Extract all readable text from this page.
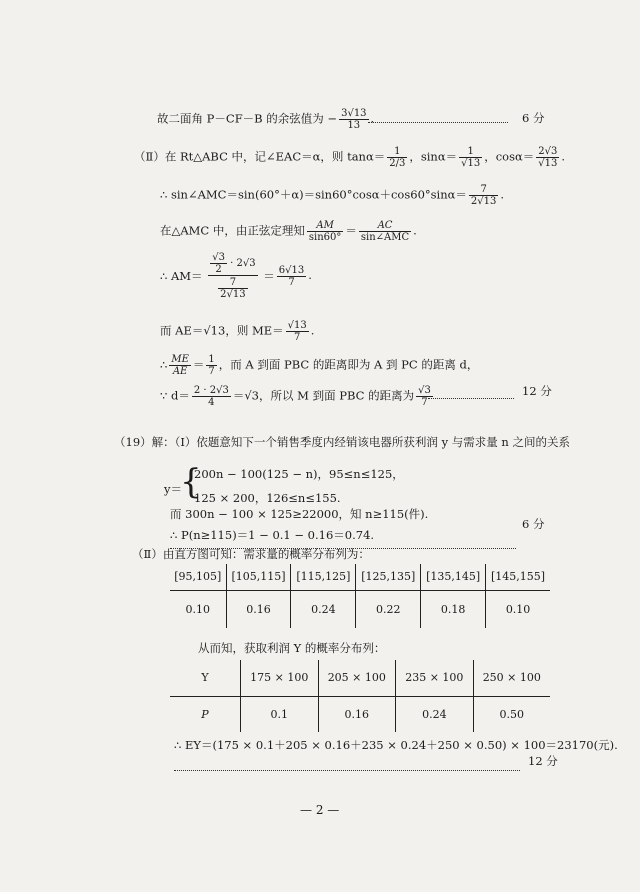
故二面角 P－CF－B 的余弦值为 − $\frac{3√13}{13}$ .	6 分
（Ⅱ）在 Rt△ABC 中，记∠EAC＝α，则 $\tan\alpha= \frac{1}{2/3}$ ，$\sin\alpha= \frac{1}{√13}$ ，$\cos\alpha= \frac{2√3}{√13}$ .
∴ sin∠AMC＝sin(60°＋α)＝sin60°cosα＋cos60°sinα＝ $\frac{7}{2√13}$ .
在△AMC 中，由正弦定理知 $\frac{AM}{\sin 60^\circ} = \frac{AC}{\text{sin∠AMC}}$ .
∴ $AM= \frac{\frac{√3}{2} \cdot 2√3}{\frac{7}{2√13}} = \frac{6√13}{7}$ .
而 AE＝√13，则 $ME= \frac{√13}{7}$ .
∴ $\frac{ME}{AE} = \frac{1}{7}$ ，而 A 到面 PBC 的距离即为 A 到 PC 的距离 d，
∵ $d= \frac{2 \cdot 2√3}{4} =√3$，所以 M 到面 PBC 的距离为 $\frac{√3}{7}$	12 分
（19）解：（Ⅰ）依题意知下一个销售季度内经销该电器所获利润 y 与需求量 n 之间的关系
y＝
{
200n − 100(125 − n)，95≤n≤125，
125 × 200，126≤n≤155.
而 300n − 100 × 125≥22000，知 n≥115(件).
∴ P(n≥115)＝1 − 0.1 − 0.16＝0.74.
6 分
（Ⅱ）由直方图可知：需求量的概率分布列为：
[95,105]	[105,115]	[115,125]	[125,135]	[135,145]	[145,155]
0.10	0.16	0.24	0.22	0.18	0.10
从而知，获取利润 Y 的概率分布列：
Y	175 × 100	205 × 100	235 × 100	250 × 100
P	0.1	0.16	0.24	0.50
∴ EY＝(175 × 0.1＋205 × 0.16＋235 × 0.24＋250 × 0.50) × 100＝23170(元).
12 分
— 2 —
